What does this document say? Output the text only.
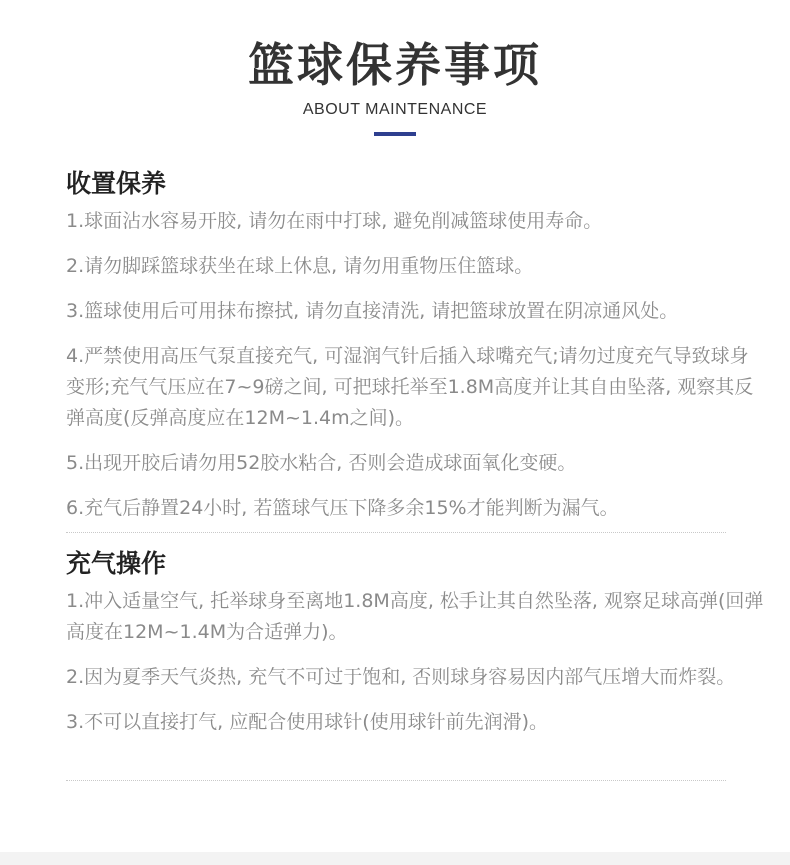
篮球保养事项
ABOUT MAINTENANCE
收置保养

1.球面沾水容易开胶, 请勿在雨中打球, 避免削减篮球使用寿命。

2.请勿脚踩篮球获坐在球上休息, 请勿用重物压住篮球。

3.篮球使用后可用抹布擦拭, 请勿直接清洗, 请把篮球放置在阴凉通风处。

4.严禁使用高压气泵直接充气, 可湿润气针后插入球嘴充气;请勿过度充气导致球身变形;充气气压应在7~9磅之间, 可把球托举至1.8M高度并让其自由坠落, 观察其反弹高度(反弹高度应在12M~1.4m之间)。

5.出现开胶后请勿用52胶水粘合, 否则会造成球面氧化变硬。

6.充气后静置24小时, 若篮球气压下降多余15%才能判断为漏气。

充气操作

1.冲入适量空气, 托举球身至离地1.8M高度, 松手让其自然坠落, 观察足球高弹(回弹高度在12M~1.4M为合适弹力)。

2.因为夏季天气炎热, 充气不可过于饱和, 否则球身容易因内部气压增大而炸裂。

3.不可以直接打气, 应配合使用球针(使用球针前先润滑)。
